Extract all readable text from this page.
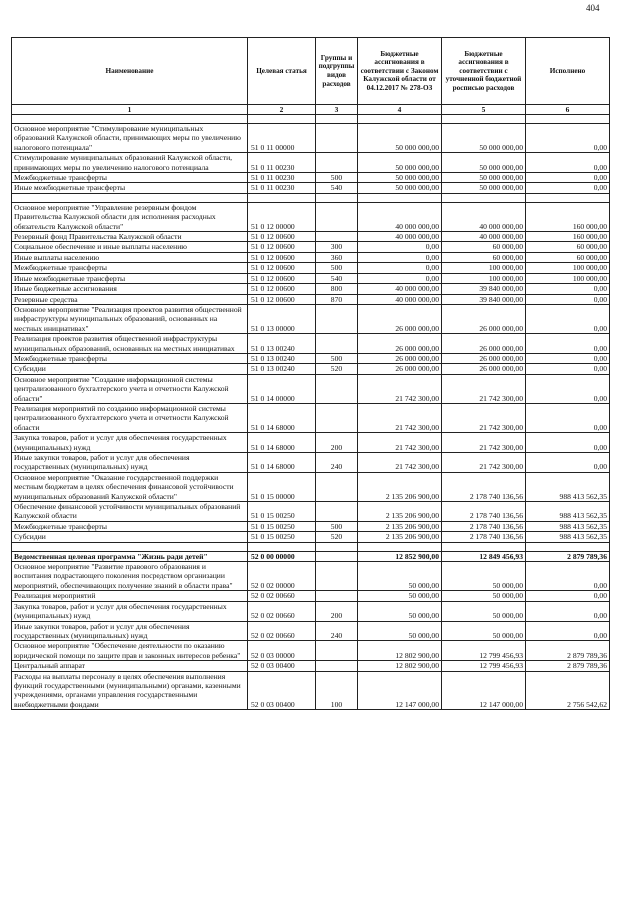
404
Наименование	Целевая статья	Группы и подгруппы видов расходов	Бюджетные ассигнования в соответствии с Законом Калужской области от 04.12.2017 № 278-ОЗ	Бюджетные ассигнования в соответствии с уточненной бюджетной росписью расходов	Исполнено
1	2	3	4	5	6

Основное мероприятие "Стимулирование муниципальных образований Калужской области, принимающих меры по увеличению налогового потенциала"	51 0 11 00000		50 000 000,00	50 000 000,00	0,00
Стимулирование муниципальных образований Калужской области, принимающих меры по увеличению налогового потенциала	51 0 11 00230		50 000 000,00	50 000 000,00	0,00
Межбюджетные трансферты	51 0 11 00230	500	50 000 000,00	50 000 000,00	0,00
Иные межбюджетные трансферты	51 0 11 00230	540	50 000 000,00	50 000 000,00	0,00

Основное мероприятие "Управление резервным фондом Правительства Калужской области для исполнения расходных обязательств Калужской области"	51 0 12 00000		40 000 000,00	40 000 000,00	160 000,00
Резервный фонд Правительства Калужской области	51 0 12 00600		40 000 000,00	40 000 000,00	160 000,00
Социальное обеспечение и иные выплаты населению	51 0 12 00600	300	0,00	60 000,00	60 000,00
Иные выплаты населению	51 0 12 00600	360	0,00	60 000,00	60 000,00
Межбюджетные трансферты	51 0 12 00600	500	0,00	100 000,00	100 000,00
Иные межбюджетные трансферты	51 0 12 00600	540	0,00	100 000,00	100 000,00
Иные бюджетные ассигнования	51 0 12 00600	800	40 000 000,00	39 840 000,00	0,00
Резервные средства	51 0 12 00600	870	40 000 000,00	39 840 000,00	0,00
Основное мероприятие "Реализация проектов развития общественной инфраструктуры муниципальных образований, основанных на местных инициативах"	51 0 13 00000		26 000 000,00	26 000 000,00	0,00
Реализация проектов развития общественной инфраструктуры муниципальных образований, основанных на местных инициативах	51 0 13 00240		26 000 000,00	26 000 000,00	0,00
Межбюджетные трансферты	51 0 13 00240	500	26 000 000,00	26 000 000,00	0,00
Субсидии	51 0 13 00240	520	26 000 000,00	26 000 000,00	0,00
Основное мероприятие "Создание информационной системы централизованного бухгалтерского учета и отчетности Калужской области"	51 0 14 00000		21 742 300,00	21 742 300,00	0,00
Реализация мероприятий по созданию информационной системы централизованного бухгалтерского учета и отчетности Калужской области	51 0 14 68000		21 742 300,00	21 742 300,00	0,00
Закупка товаров, работ и услуг для обеспечения государственных (муниципальных) нужд	51 0 14 68000	200	21 742 300,00	21 742 300,00	0,00
Иные закупки товаров, работ и услуг для обеспечения государственных (муниципальных) нужд	51 0 14 68000	240	21 742 300,00	21 742 300,00	0,00
Основное мероприятие "Оказание государственной поддержки местным бюджетам в целях обеспечения финансовой устойчивости муниципальных образований Калужской области"	51 0 15 00000		2 135 206 900,00	2 178 740 136,56	988 413 562,35
Обеспечение финансовой устойчивости муниципальных образований Калужской области	51 0 15 00250		2 135 206 900,00	2 178 740 136,56	988 413 562,35
Межбюджетные трансферты	51 0 15 00250	500	2 135 206 900,00	2 178 740 136,56	988 413 562,35
Субсидии	51 0 15 00250	520	2 135 206 900,00	2 178 740 136,56	988 413 562,35

Ведомственная целевая программа "Жизнь ради детей"	52 0 00 00000		12 852 900,00	12 849 456,93	2 879 789,36
Основное мероприятие "Развитие правового образования и воспитания подрастающего поколения посредством организации мероприятий, обеспечивающих получение знаний в области права"	52 0 02 00000		50 000,00	50 000,00	0,00
Реализация мероприятий	52 0 02 00660		50 000,00	50 000,00	0,00
Закупка товаров, работ и услуг для обеспечения государственных (муниципальных) нужд	52 0 02 00660	200	50 000,00	50 000,00	0,00
Иные закупки товаров, работ и услуг для обеспечения государственных (муниципальных) нужд	52 0 02 00660	240	50 000,00	50 000,00	0,00
Основное мероприятие "Обеспечение деятельности по оказанию юридической помощи по защите прав и законных интересов ребенка"	52 0 03 00000		12 802 900,00	12 799 456,93	2 879 789,36
Центральный аппарат	52 0 03 00400		12 802 900,00	12 799 456,93	2 879 789,36
Расходы на выплаты персоналу в целях обеспечения выполнения функций государственными (муниципальными) органами, казенными учреждениями, органами управления государственными внебюджетными фондами	52 0 03 00400	100	12 147 000,00	12 147 000,00	2 756 542,62
